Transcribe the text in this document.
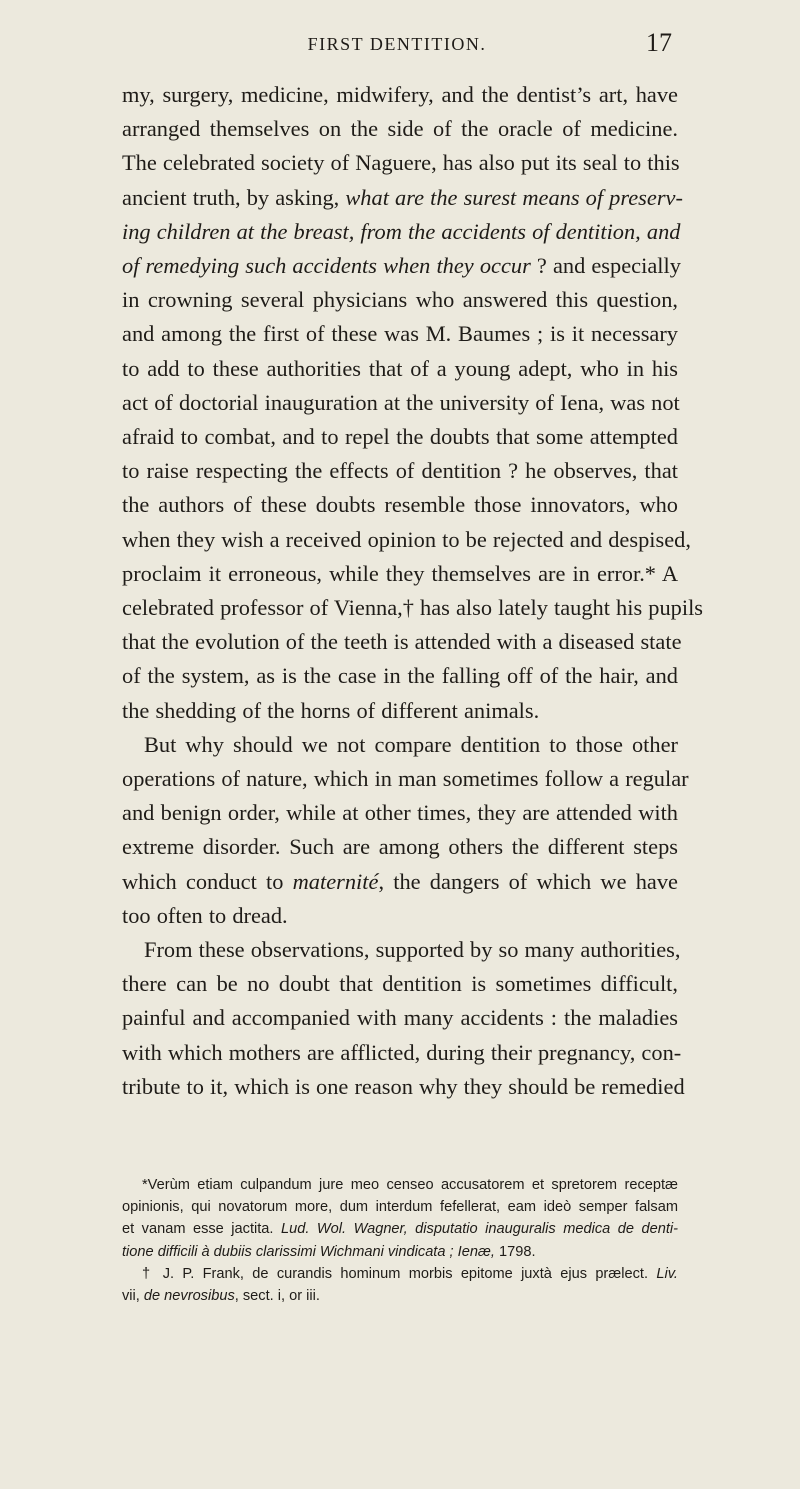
FIRST DENTITION.	17
my, surgery, medicine, midwifery, and the dentist’s art, have
arranged themselves on the side of the oracle of medicine.
The celebrated society of Naguere, has also put its seal to this
ancient truth, by asking, what are the surest means of preserv-
ing children at the breast, from the accidents of dentition, and
of remedying such accidents when they occur ? and especially
in crowning several physicians who answered this question,
and among the first of these was M. Baumes ; is it necessary
to add to these authorities that of a young adept, who in his
act of doctorial inauguration at the university of Iena, was not
afraid to combat, and to repel the doubts that some attempted
to raise respecting the effects of dentition ? he observes, that
the authors of these doubts resemble those innovators, who
when they wish a received opinion to be rejected and despised,
proclaim it erroneous, while they themselves are in error.* A
celebrated professor of Vienna,† has also lately taught his pupils
that the evolution of the teeth is attended with a diseased state
of the system, as is the case in the falling off of the hair, and
the shedding of the horns of different animals.
But why should we not compare dentition to those other
operations of nature, which in man sometimes follow a regular
and benign order, while at other times, they are attended with
extreme disorder. Such are among others the different steps
which conduct to maternité, the dangers of which we have
too often to dread.
From these observations, supported by so many authorities,
there can be no doubt that dentition is sometimes difficult,
painful and accompanied with many accidents : the maladies
with which mothers are afflicted, during their pregnancy, con-
tribute to it, which is one reason why they should be remedied
*Verùm etiam culpandum jure meo censeo accusatorem et spretorem receptæ
opinionis, qui novatorum more, dum interdum fefellerat, eam ideò semper falsam
et vanam esse jactita. Lud. Wol. Wagner, disputatio inauguralis medica de denti-
tione difficili à dubiis clarissimi Wichmani vindicata ; Ienæ, 1798.
† J. P. Frank, de curandis hominum morbis epitome juxtà ejus prælect. Liv.
vii, de nevrosibus, sect. i, or iii.
